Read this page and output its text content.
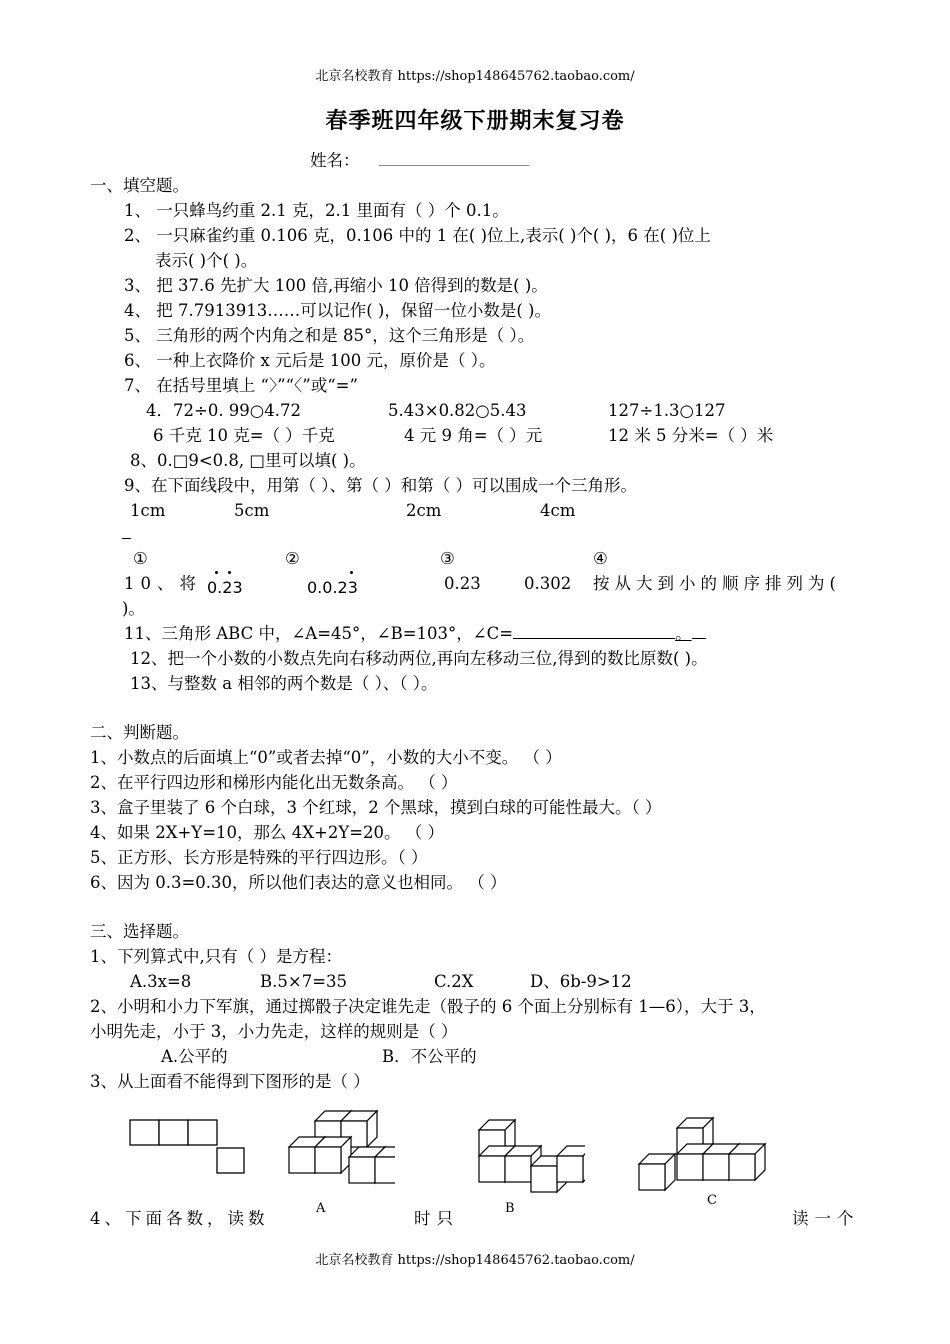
北京名校教育 https://shop148645762.taobao.com/
春季班四年级下册期末复习卷
姓名：
一、填空题。
1、 一只蜂鸟约重 2.1 克，2.1 里面有（ ）个 0.1。
2、 一只麻雀约重 0.106 克，0.106 中的 1 在( )位上,表示( )个( )，6 在( )位上
表示( )个( )。
3、 把 37.6 先扩大 100 倍,再缩小 10 倍得到的数是( )。
4、 把 7.7913913……可以记作( )，保留一位小数是( )。
5、 三角形的两个内角之和是 85°，这个三角形是（ ）。
6、 一种上衣降价 x 元后是 100 元，原价是（ ）。
7、 在括号里填上 “〉”“〈”或“=”
4．72÷0. 99○4.72	5.43×0.82○5.43	127÷1.3○127
6 千克 10 克=（ ）千克	4 元 9 角=（ ）元	12 米 5 分米=（ ）米
8、0.□9<0.8, □里可以填( )。
9、在下面线段中，用第（ ）、第（ ）和第（ ）可以围成一个三角形。
1cm	5cm	2cm	4cm
①	②	③	④
10、将 0.23	0.0.23	0.23	0.302 按从大到小的顺序排列为(
)。
11、三角形 ABC 中，∠A=45°，∠B=103°，∠C=	。
12、把一个小数的小数点先向右移动两位,再向左移动三位,得到的数比原数( )。
13、与整数 a 相邻的两个数是（ ）、（ ）。
二、判断题。
1、小数点的后面填上“0”或者去掉“0”，小数的大小不变。 （ ）
2、在平行四边形和梯形内能化出无数条高。 （ ）
3、盒子里装了 6 个白球，3 个红球，2 个黑球，摸到白球的可能性最大。（ ）
4、如果 2X+Y=10，那么 4X+2Y=20。 （ ）
5、正方形、长方形是特殊的平行四边形。（ ）
6、因为 0.3=0.30，所以他们表达的意义也相同。 （ ）
三、选择题。
1、下列算式中,只有（ ）是方程：
A.3x=8	B.5×7=35	C.2X	D、6b-9>12
2、小明和小力下军旗，通过掷骰子决定谁先走（骰子的 6 个面上分别标有 1—6），大于 3，
小明先走，小于 3，小力先走，这样的规则是（ ）
A.公平的	B．不公平的
3、从上面看不能得到下图形的是（ ）
A	B
C
4、下面各数，读数	时只	读一个
北京名校教育 https://shop148645762.taobao.com/
